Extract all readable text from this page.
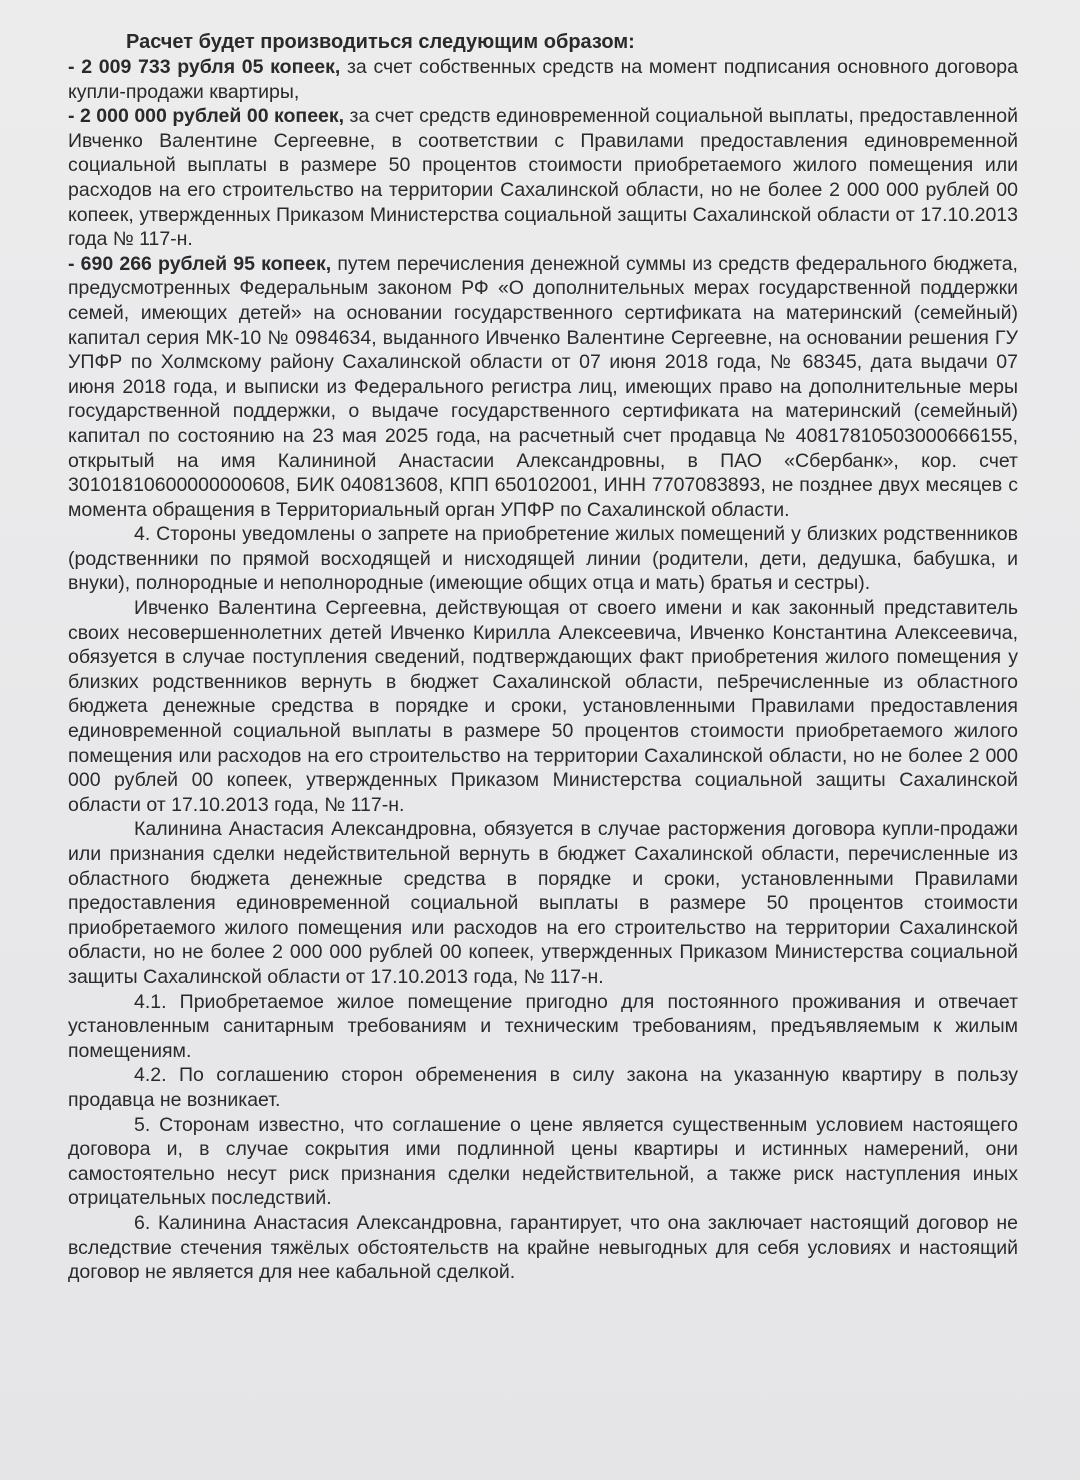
Расчет будет производиться следующим образом:

- 2 009 733 рубля 05 копеек, за счет собственных средств на момент подписания основного договора купли-продажи квартиры,

- 2 000 000 рублей 00 копеек, за счет средств единовременной социальной выплаты, предоставленной Ивченко Валентине Сергеевне, в соответствии с Правилами предоставления единовременной социальной выплаты в размере 50 процентов стоимости приобретаемого жилого помещения или расходов на его строительство на территории Сахалинской области, но не более 2 000 000 рублей 00 копеек, утвержденных Приказом Министерства социальной защиты Сахалинской области от 17.10.2013 года № 117-н.

- 690 266 рублей 95 копеек, путем перечисления денежной суммы из средств федерального бюджета, предусмотренных Федеральным законом РФ «О дополнительных мерах государственной поддержки семей, имеющих детей» на основании государственного сертификата на материнский (семейный) капитал серия МК-10 № 0984634, выданного Ивченко Валентине Сергеевне, на основании решения ГУ УПФР по Холмскому району Сахалинской области от 07 июня 2018 года, № 68345, дата выдачи 07 июня 2018 года, и выписки из Федерального регистра лиц, имеющих право на дополнительные меры государственной поддержки, о выдаче государственного сертификата на материнский (семейный) капитал по состоянию на 23 мая 2025 года, на расчетный счет продавца № 40817810503000666155, открытый на имя Калининой Анастасии Александровны, в ПАО «Сбербанк», кор. счет 30101810600000000608, БИК 040813608, КПП 650102001, ИНН 7707083893, не позднее двух месяцев с момента обращения в Территориальный орган УПФР по Сахалинской области.

4. Стороны уведомлены о запрете на приобретение жилых помещений у близких родственников (родственники по прямой восходящей и нисходящей линии (родители, дети, дедушка, бабушка, и внуки), полнородные и неполнородные (имеющие общих отца и мать) братья и сестры).

Ивченко Валентина Сергеевна, действующая от своего имени и как законный представитель своих несовершеннолетних детей Ивченко Кирилла Алексеевича, Ивченко Константина Алексеевича, обязуется в случае поступления сведений, подтверждающих факт приобретения жилого помещения у близких родственников вернуть в бюджет Сахалинской области, пе5речисленные из областного бюджета денежные средства в порядке и сроки, установленными Правилами предоставления единовременной социальной выплаты в размере 50 процентов стоимости приобретаемого жилого помещения или расходов на его строительство на территории Сахалинской области, но не более 2 000 000 рублей 00 копеек, утвержденных Приказом Министерства социальной защиты Сахалинской области от 17.10.2013 года, № 117-н.

Калинина Анастасия Александровна, обязуется в случае расторжения договора купли-продажи или признания сделки недействительной вернуть в бюджет Сахалинской области, перечисленные из областного бюджета денежные средства в порядке и сроки, установленными Правилами предоставления единовременной социальной выплаты в размере 50 процентов стоимости приобретаемого жилого помещения или расходов на его строительство на территории Сахалинской области, но не более 2 000 000 рублей 00 копеек, утвержденных Приказом Министерства социальной защиты Сахалинской области от 17.10.2013 года, № 117-н.

4.1. Приобретаемое жилое помещение пригодно для постоянного проживания и отвечает установленным санитарным требованиям и техническим требованиям, предъявляемым к жилым помещениям.

4.2. По соглашению сторон обременения в силу закона на указанную квартиру в пользу продавца не возникает.

5. Сторонам известно, что соглашение о цене является существенным условием настоящего договора и, в случае сокрытия ими подлинной цены квартиры и истинных намерений, они самостоятельно несут риск признания сделки недействительной, а также риск наступления иных отрицательных последствий.

6. Калинина Анастасия Александровна, гарантирует, что она заключает настоящий договор не вследствие стечения тяжёлых обстоятельств на крайне невыгодных для себя условиях и настоящий договор не является для нее кабальной сделкой.
